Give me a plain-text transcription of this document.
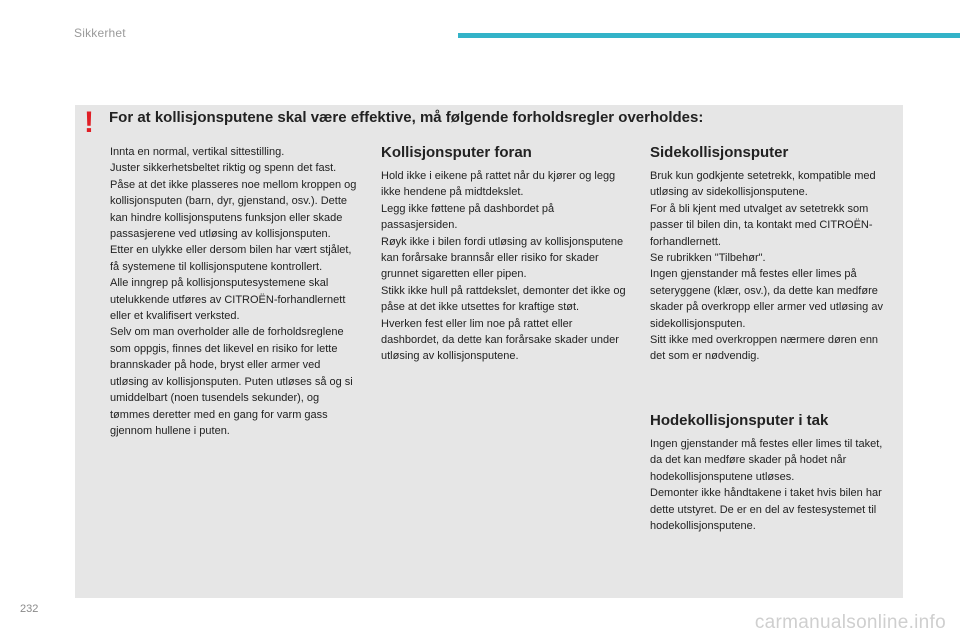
Sikkerhet
! For at kollisjonsputene skal være effektive, må følgende forholdsregler overholdes:

Innta en normal, vertikal sittestilling.
Juster sikkerhetsbeltet riktig og spenn det fast.
Påse at det ikke plasseres noe mellom kroppen og kollisjonsputen (barn, dyr, gjenstand, osv.). Dette kan hindre kollisjonsputens funksjon eller skade passasjerene ved utløsing av kollisjonsputen.
Etter en ulykke eller dersom bilen har vært stjålet, få systemene til kollisjonsputene kontrollert.
Alle inngrep på kollisjonsputesystemene skal utelukkende utføres av CITROËN-forhandlernett eller et kvalifisert verksted.
Selv om man overholder alle de forholdsreglene som oppgis, finnes det likevel en risiko for lette brannskader på hode, bryst eller armer ved utløsing av kollisjonsputen. Puten utløses så og si umiddelbart (noen tusendels sekunder), og tømmes deretter med en gang for varm gass gjennom hullene i puten.

Kollisjonsputer foran

Hold ikke i eikene på rattet når du kjører og legg ikke hendene på midtdekslet.
Legg ikke føttene på dashbordet på passasjersiden.
Røyk ikke i bilen fordi utløsing av kollisjonsputene kan forårsake brannsår eller risiko for skader grunnet sigaretten eller pipen.
Stikk ikke hull på rattdekslet, demonter det ikke og påse at det ikke utsettes for kraftige støt.
Hverken fest eller lim noe på rattet eller dashbordet, da dette kan forårsake skader under utløsing av kollisjonsputene.

Sidekollisjonsputer

Bruk kun godkjente setetrekk, kompatible med utløsing av sidekollisjonsputene.
For å bli kjent med utvalget av setetrekk som passer til bilen din, ta kontakt med CITROËN-forhandlernett.
Se rubrikken "Tilbehør".
Ingen gjenstander må festes eller limes på seteryggene (klær, osv.), da dette kan medføre skader på overkropp eller armer ved utløsing av sidekollisjonsputen.
Sitt ikke med overkroppen nærmere døren enn det som er nødvendig.

Hodekollisjonsputer i tak

Ingen gjenstander må festes eller limes til taket, da det kan medføre skader på hodet når hodekollisjonsputene utløses.
Demonter ikke håndtakene i taket hvis bilen har dette utstyret. De er en del av festesystemet til hodekollisjonsputene.

232
carmanualsonline.info
